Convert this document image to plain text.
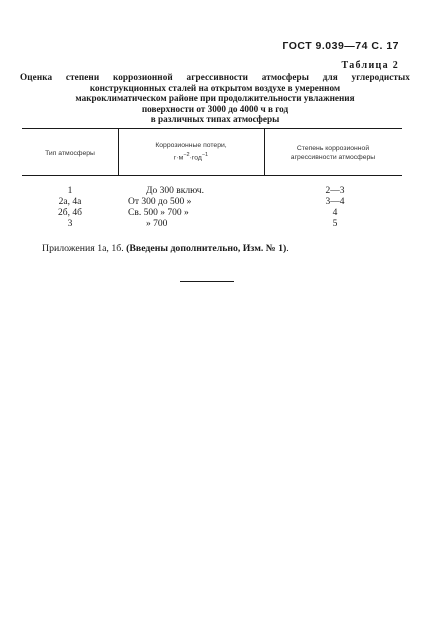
ГОСТ 9.039—74 С. 17
Таблица 2
Оценка степени коррозионной агрессивности атмосферы для углеродистых
конструкционных сталей на открытом воздухе в умеренном
макроклиматическом районе при продолжительности увлажнения
поверхности от 3000 до 4000 ч в год
в различных типах атмосферы
Тип атмосферы
Коррозионные потери,
$г\cdot м^{-2}\cdot год^{-1}$
Степень коррозионной
агрессивности атмосферы
1	До 300 включ.	2—3
2а, 4а	От 300 до 500 »	3—4
2б, 4б	Св. 500 » 700 »	4
3	» 700	5
Приложения 1а, 1б. (Введены дополнительно, Изм. № 1).
